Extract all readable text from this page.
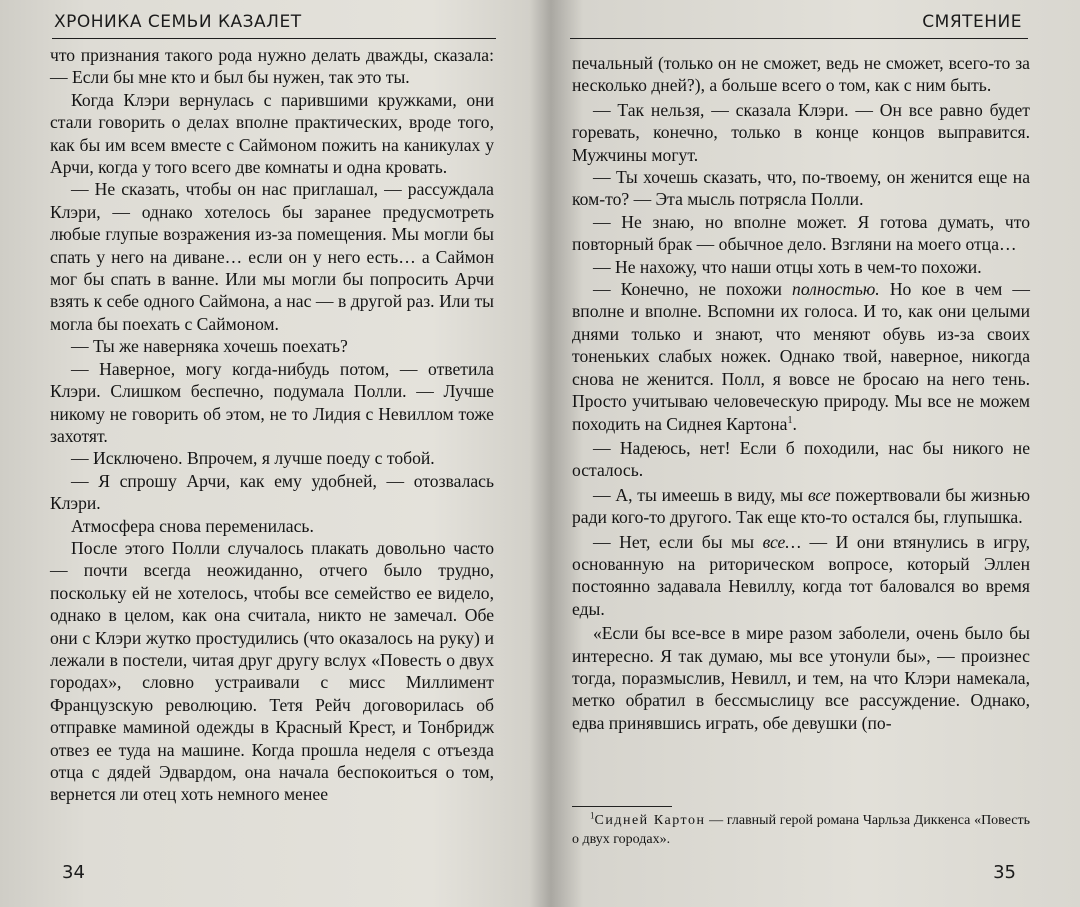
ХРОНИКА СЕМЬИ КАЗАЛЕТ

что признания такого рода нужно делать дважды, сказала: — Если бы мне кто и был бы нужен, так это ты.

Когда Клэри вернулась с парившими кружками, они стали говорить о делах вполне практических, вроде того, как бы им всем вместе с Саймоном пожить на каникулах у Арчи, когда у того всего две комнаты и одна кровать.

— Не сказать, чтобы он нас приглашал, — рассуждала Клэри, — однако хотелось бы заранее предусмотреть любые глупые возражения из-за помещения. Мы могли бы спать у него на диване… если он у него есть… а Саймон мог бы спать в ванне. Или мы могли бы попросить Арчи взять к себе одного Саймона, а нас — в другой раз. Или ты могла бы поехать с Саймоном.

— Ты же наверняка хочешь поехать?

— Наверное, могу когда-нибудь потом, — ответила Клэри. Слишком беспечно, подумала Полли. — Лучше никому не говорить об этом, не то Лидия с Невиллом тоже захотят.

— Исключено. Впрочем, я лучше поеду с тобой.

— Я спрошу Арчи, как ему удобней, — отозвалась Клэри.

Атмосфера снова переменилась.

После этого Полли случалось плакать довольно часто — почти всегда неожиданно, отчего было трудно, поскольку ей не хотелось, чтобы все семейство ее видело, однако в целом, как она считала, никто не замечал. Обе они с Клэри жутко простудились (что оказалось на руку) и лежали в постели, читая друг другу вслух «Повесть о двух городах», словно устраивали с мисс Миллимент Французскую революцию. Тетя Рейч договорилась об отправке маминой одежды в Красный Крест, и Тонбридж отвез ее туда на машине. Когда прошла неделя с отъезда отца с дядей Эдвардом, она начала беспокоиться о том, вернется ли отец хоть немного менее

34
СМЯТЕНИЕ

печальный (только он не сможет, ведь не сможет, всего-то за несколько дней?), а больше всего о том, как с ним быть.

— Так нельзя, — сказала Клэри. — Он все равно будет горевать, конечно, только в конце концов выправится. Мужчины могут.

— Ты хочешь сказать, что, по-твоему, он женится еще на ком-то? — Эта мысль потрясла Полли.

— Не знаю, но вполне может. Я готова думать, что повторный брак — обычное дело. Взгляни на моего отца…

— Не нахожу, что наши отцы хоть в чем-то похожи.

— Конечно, не похожи полностью. Но кое в чем — вполне и вполне. Вспомни их голоса. И то, как они целыми днями только и знают, что меняют обувь из-за своих тоненьких слабых ножек. Однако твой, наверное, никогда снова не женится. Полл, я вовсе не бросаю на него тень. Просто учитываю человеческую природу. Мы все не можем походить на Сиднея Картона$^1$.

— Надеюсь, нет! Если б походили, нас бы никого не осталось.

— А, ты имеешь в виду, мы все пожертвовали бы жизнью ради кого-то другого. Так еще кто-то остался бы, глупышка.

— Нет, если бы мы все… — И они втянулись в игру, основанную на риторическом вопросе, который Эллен постоянно задавала Невиллу, когда тот баловался во время еды.

«Если бы все-все в мире разом заболели, очень было бы интересно. Я так думаю, мы все утонули бы», — произнес тогда, поразмыслив, Невилл, и тем, на что Клэри намекала, метко обратил в бессмыслицу все рассуждение. Однако, едва принявшись играть, обе девушки (по-

$^1$Сидней Картон — главный герой романа Чарльза Диккенса «Повесть о двух городах».
35
